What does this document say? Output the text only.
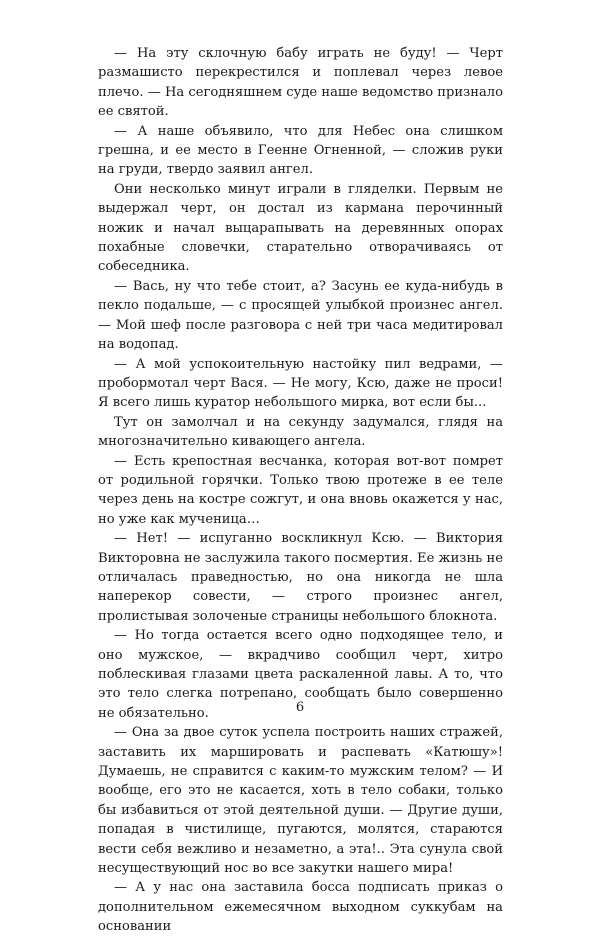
— На эту склочную бабу играть не буду! — Черт размашисто перекрестился и поплевал через левое плечо. — На сегодняшнем суде наше ведомство признало ее святой.

— А наше объявило, что для Небес она слишком грешна, и ее место в Геенне Огненной, — сложив руки на груди, твердо заявил ангел.

Они несколько минут играли в гляделки. Первым не выдержал черт, он достал из кармана перочинный ножик и начал выцарапывать на деревянных опорах похабные словечки, старательно отворачиваясь от собеседника.

— Вась, ну что тебе стоит, а? Засунь ее куда-нибудь в пекло подальше, — с просящей улыбкой произнес ангел. — Мой шеф после разговора с ней три часа медитировал на водопад.

— А мой успокоительную настойку пил ведрами, — пробормотал черт Вася. — Не могу, Ксю, даже не проси! Я всего лишь куратор небольшого мирка, вот если бы...

Тут он замолчал и на секунду задумался, глядя на многозначительно кивающего ангела.

— Есть крепостная весчанка, которая вот-вот помрет от родильной горячки. Только твою протеже в ее теле через день на костре сожгут, и она вновь окажется у нас, но уже как мученица…

— Нет! — испуганно воскликнул Ксю. — Виктория Викторовна не заслужила такого посмертия. Ее жизнь не отличалась праведностью, но она никогда не шла наперекор совести, — строго произнес ангел, пролистывая золоченые страницы небольшого блокнота.

— Но тогда остается всего одно подходящее тело, и оно мужское, — вкрадчиво сообщил черт, хитро поблескивая глазами цвета раскаленной лавы. А то, что это тело слегка потрепано, сообщать было совершенно не обязательно.

— Она за двое суток успела построить наших стражей, заставить их маршировать и распевать «Катюшу»! Думаешь, не справится с каким-то мужским телом? — И вообще, его это не касается, хоть в тело собаки, только бы избавиться от этой деятельной души. — Другие души, попадая в чистилище, пугаются, молятся, стараются вести себя вежливо и незаметно, а эта!.. Эта сунула свой несуществующий нос во все закутки нашего мира!

— А у нас она заставила босса подписать приказ о дополнительном ежемесячном выходном суккубам на основании

6
